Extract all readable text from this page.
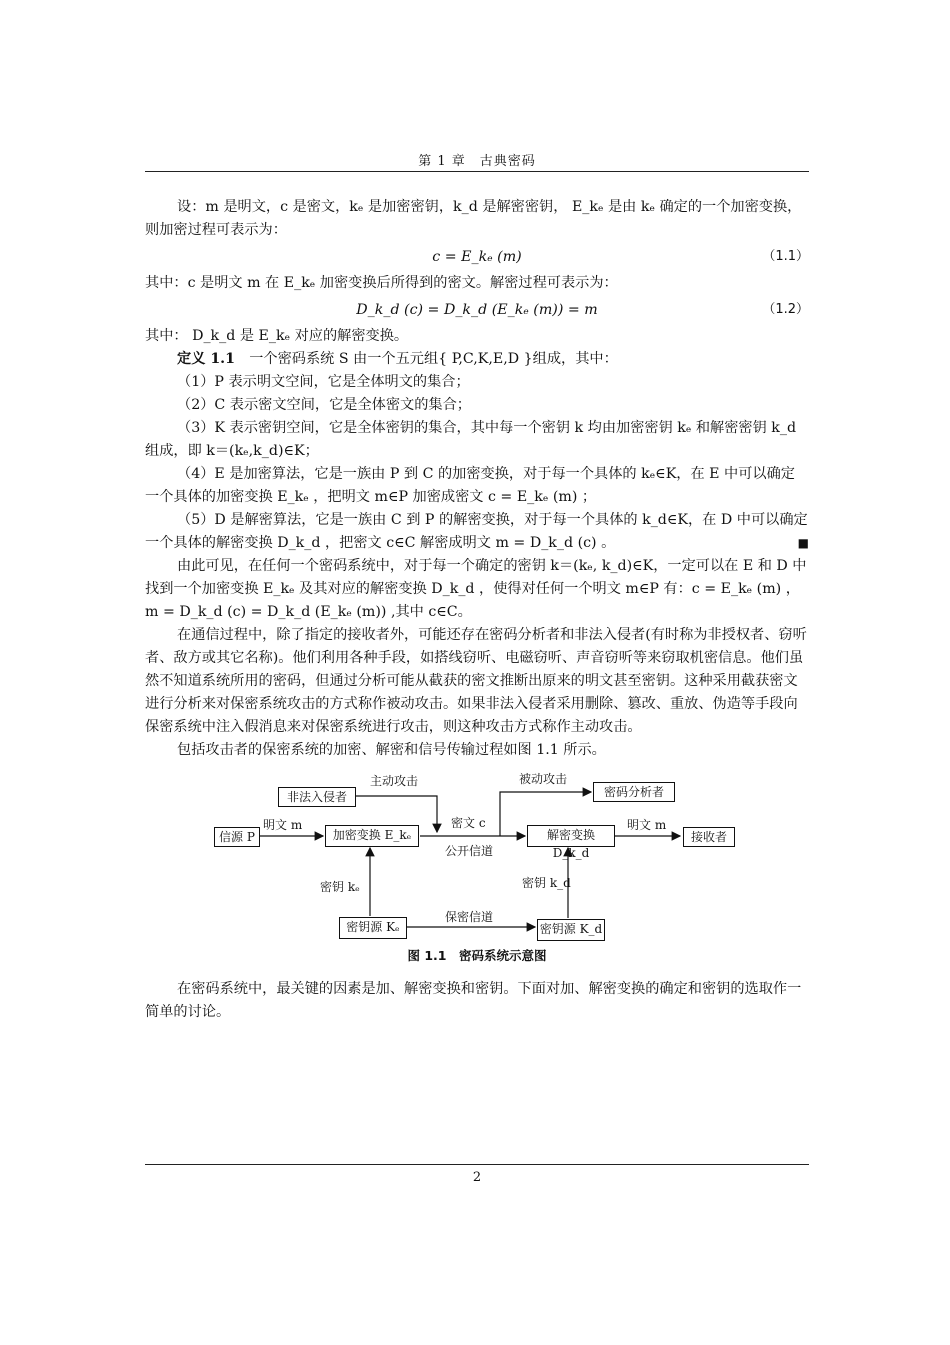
第 1 章　古典密码

设：m 是明文，c 是密文，kₑ 是加密密钥，k_d 是解密密钥， E_kₑ 是由 kₑ 确定的一个加密变换，则加密过程可表示为：

c = E_kₑ (m)	（1.1）

其中：c 是明文 m 在 E_kₑ 加密变换后所得到的密文。解密过程可表示为：

D_k_d (c) = D_k_d (E_kₑ (m)) = m	（1.2）

其中： D_k_d 是 E_kₑ 对应的解密变换。

定义 1.1　一个密码系统 S 由一个五元组{ P,C,K,E,D }组成，其中：

（1）P 表示明文空间，它是全体明文的集合；

（2）C 表示密文空间，它是全体密文的集合；

（3）K 表示密钥空间，它是全体密钥的集合，其中每一个密钥 k 均由加密密钥 kₑ 和解密密钥 k_d 组成，即 k＝(kₑ,k_d)∈K；

（4）E 是加密算法，它是一族由 P 到 C 的加密变换，对于每一个具体的 kₑ∈K，在 E 中可以确定一个具体的加密变换 E_kₑ ，把明文 m∈P 加密成密文 c = E_kₑ (m) ；

（5）D 是解密算法，它是一族由 C 到 P 的解密变换，对于每一个具体的 k_d∈K，在 D 中可以确定一个具体的解密变换 D_k_d ，把密文 c∈C 解密成明文 m = D_k_d (c) 。	■

由此可见，在任何一个密码系统中，对于每一个确定的密钥 k＝(kₑ, k_d)∈K，一定可以在 E 和 D 中找到一个加密变换 E_kₑ 及其对应的解密变换 D_k_d ，使得对任何一个明文 m∈P 有：c = E_kₑ (m) ， m = D_k_d (c) = D_k_d (E_kₑ (m)) ,其中 c∈C。

在通信过程中，除了指定的接收者外，可能还存在密码分析者和非法入侵者(有时称为非授权者、窃听者、敌方或其它名称)。他们利用各种手段，如搭线窃听、电磁窃听、声音窃听等来窃取机密信息。他们虽然不知道系统所用的密码，但通过分析可能从截获的密文推断出原来的明文甚至密钥。这种采用截获密文进行分析来对保密系统攻击的方式称作被动攻击。如果非法入侵者采用删除、篡改、重放、伪造等手段向保密系统中注入假消息来对保密系统进行攻击，则这种攻击方式称作主动攻击。

包括攻击者的保密系统的加密、解密和信号传输过程如图 1.1 所示。

非法入侵者	密码分析者
信源 P	加密变换 E_kₑ	解密变换 D_k_d
接收者
密钥源 Kₑ	密钥源 K_d
主动攻击	被动攻击
明文 m	密文 c
公开信道
明文 m
密钥 kₑ	密钥 k_d
保密信道
图 1.1　密码系统示意图

在密码系统中，最关键的因素是加、解密变换和密钥。下面对加、解密变换的确定和密钥的选取作一简单的讨论。

2
